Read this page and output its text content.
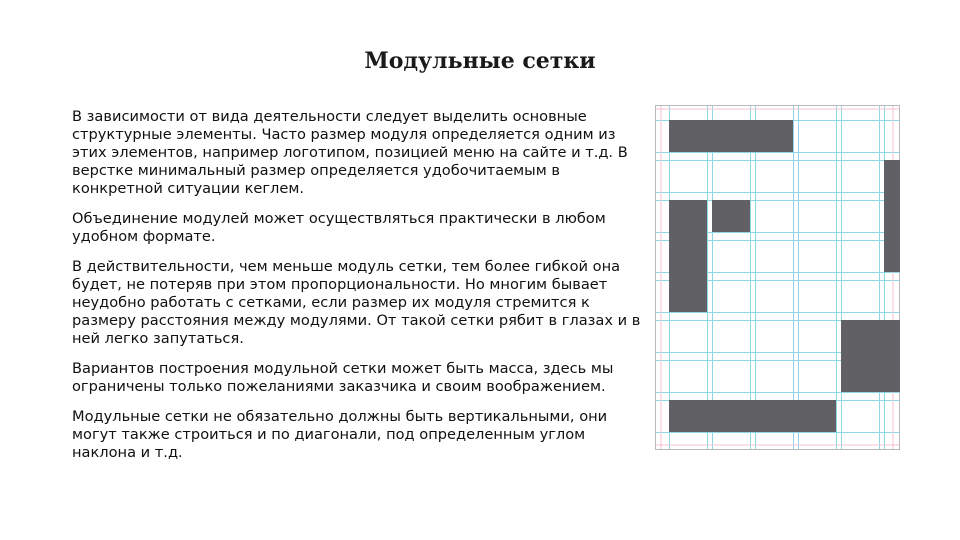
Модульные сетки

В зависимости от вида деятельности следует выделить основные структурные элементы. Часто размер модуля определяется одним из этих элементов, например логотипом, позицией меню на сайте и т.д. В верстке минимальный размер определяется удобочитаемым в конкретной ситуации кеглем.

Объединение модулей может осуществляться практически в любом удобном формате.

В действительности, чем меньше модуль сетки, тем более гибкой она будет, не потеряв при этом пропорциональности. Но многим бывает неудобно работать с сетками, если размер их модуля стремится к размеру расстояния между модулями. От такой сетки рябит в глазах и в ней легко запутаться.

Вариантов построения модульной сетки может быть масса, здесь мы ограничены только пожеланиями заказчика и своим воображением.

Модульные сетки не обязательно должны быть вертикальными, они могут также строиться и по диагонали, под определенным углом наклона и т.д.
